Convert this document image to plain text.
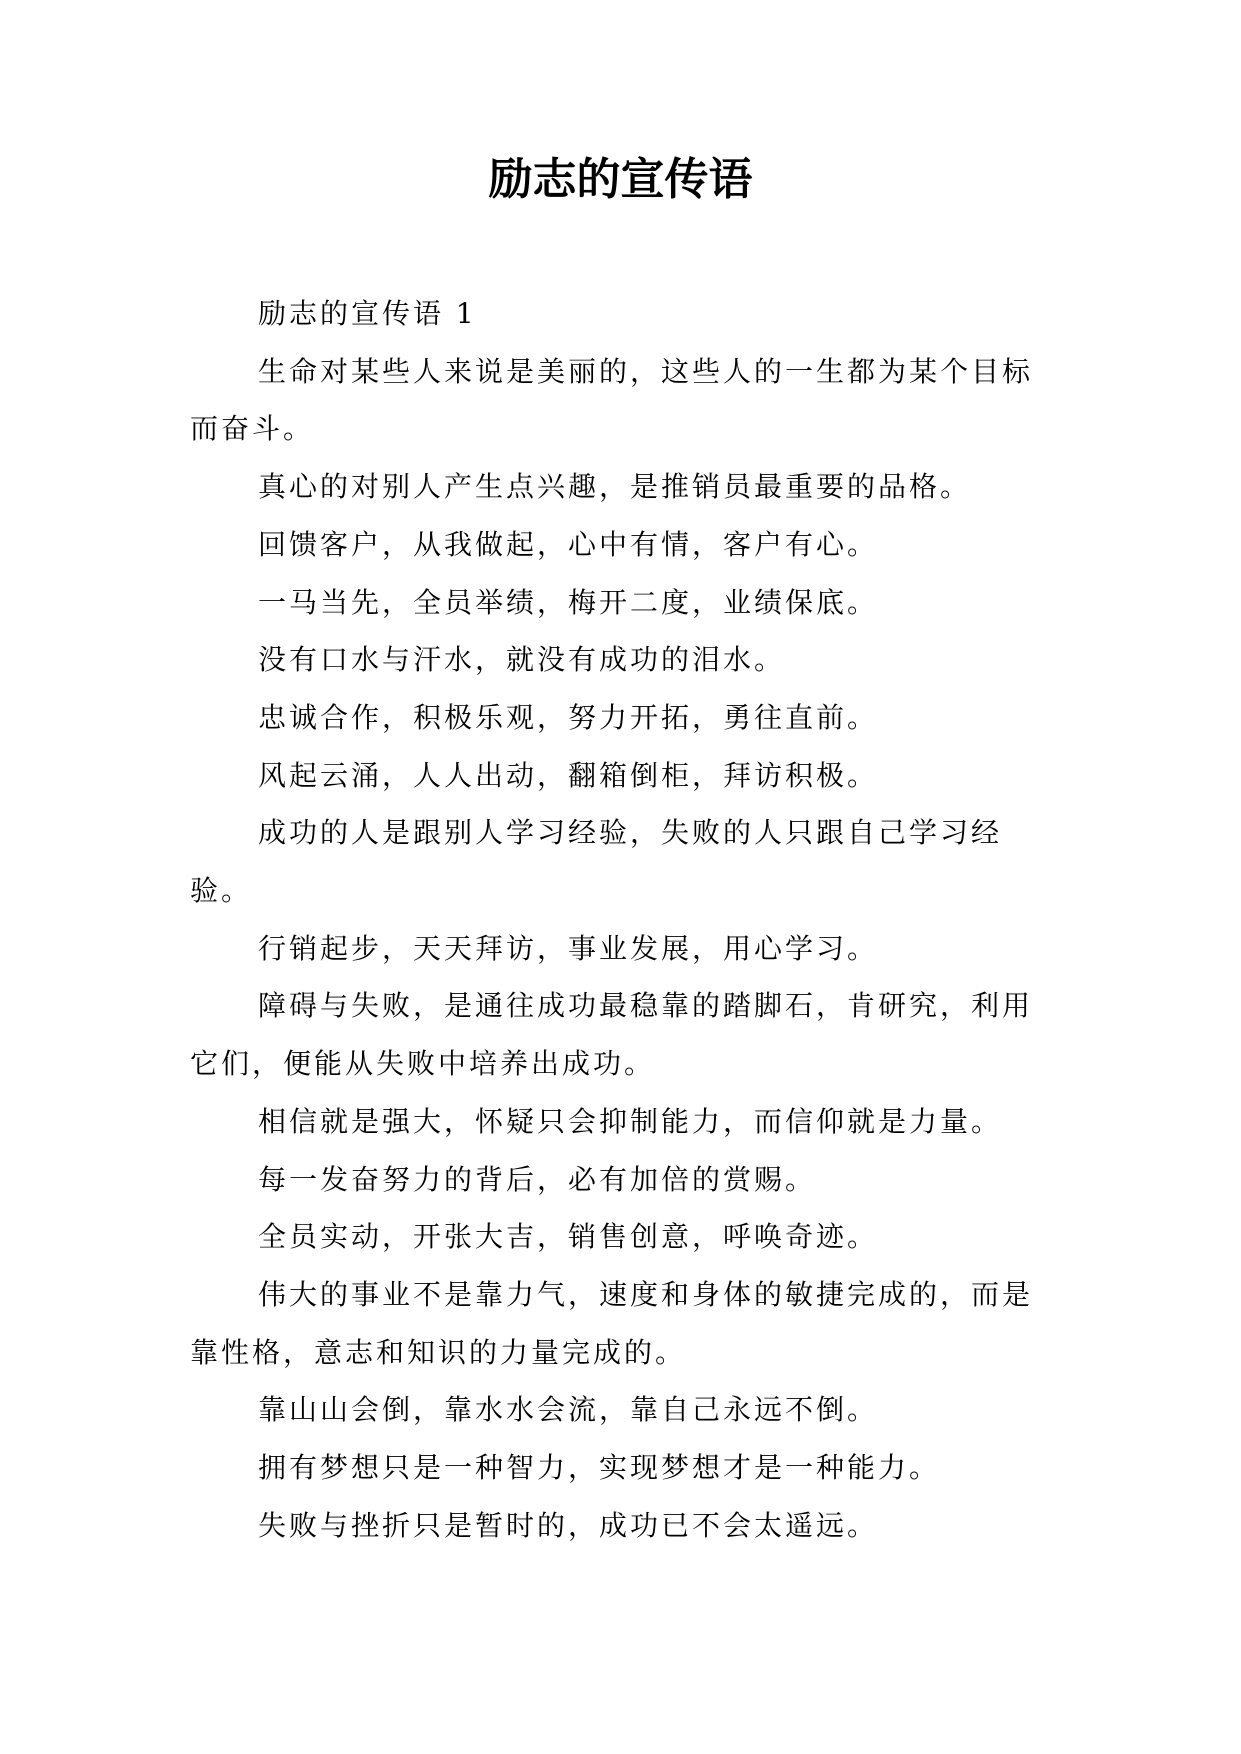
励志的宣传语

励志的宣传语 1

生命对某些人来说是美丽的，这些人的一生都为某个目标而奋斗。

真心的对别人产生点兴趣，是推销员最重要的品格。

回馈客户，从我做起，心中有情，客户有心。

一马当先，全员举绩，梅开二度，业绩保底。

没有口水与汗水，就没有成功的泪水。

忠诚合作，积极乐观，努力开拓，勇往直前。

风起云涌，人人出动，翻箱倒柜，拜访积极。

成功的人是跟别人学习经验，失败的人只跟自己学习经验。

行销起步，天天拜访，事业发展，用心学习。

障碍与失败，是通往成功最稳靠的踏脚石，肯研究，利用它们，便能从失败中培养出成功。

相信就是强大，怀疑只会抑制能力，而信仰就是力量。

每一发奋努力的背后，必有加倍的赏赐。

全员实动，开张大吉，销售创意，呼唤奇迹。

伟大的事业不是靠力气，速度和身体的敏捷完成的，而是靠性格，意志和知识的力量完成的。

靠山山会倒，靠水水会流，靠自己永远不倒。

拥有梦想只是一种智力，实现梦想才是一种能力。

失败与挫折只是暂时的，成功已不会太遥远。
